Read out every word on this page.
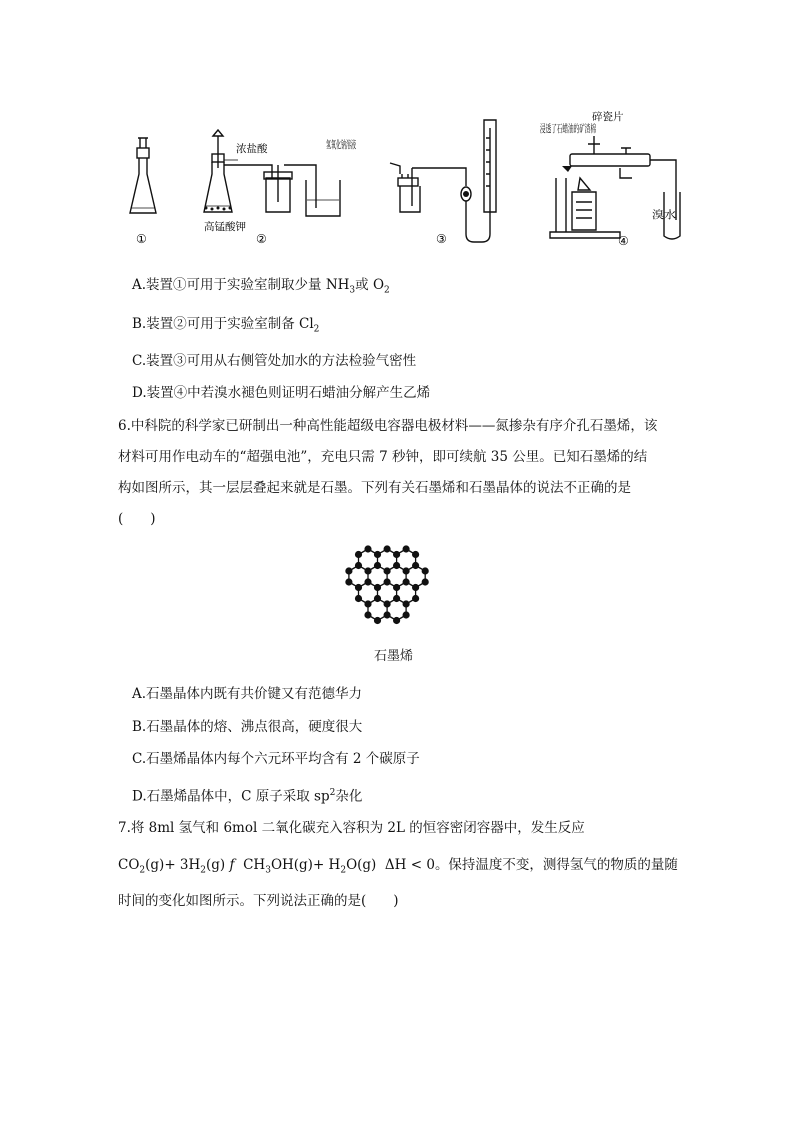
浓盐酸
高锰酸钾
氢氧化钠溶液
碎瓷片
浸透了石蜡油的矿渣棉
溴水
①	②	③	④
A.装置①可用于实验室制取少量 $NH_3$或 $O_2$
B.装置②可用于实验室制备 $Cl_2$
C.装置③可用从右侧管处加水的方法检验气密性
D.装置④中若溴水褪色则证明石蜡油分解产生乙烯
6.中科院的科学家已研制出一种高性能超级电容器电极材料——氮掺杂有序介孔石墨烯，该
材料可用作电动车的“超强电池”，充电只需 7 秒钟，即可续航 35 公里。已知石墨烯的结
构如图所示，其一层层叠起来就是石墨。下列有关石墨烯和石墨晶体的说法不正确的是
(　　)
石墨烯
A.石墨晶体内既有共价键又有范德华力
B.石墨晶体的熔、沸点很高，硬度很大
C.石墨烯晶体内每个六元环平均含有 2 个碳原子
D.石墨烯晶体中，C 原子采取 $sp^2$杂化
7.将 8ml 氢气和 6mol 二氧化碳充入容积为 2L 的恒容密闭容器中，发生反应
$CO_2(g)+ 3H_2(g)$ f $CH_3OH(g)+ H_2O(g) \Delta H < 0$。保持温度不变，测得氢气的物质的量随
时间的变化如图所示。下列说法正确的是(　　)
